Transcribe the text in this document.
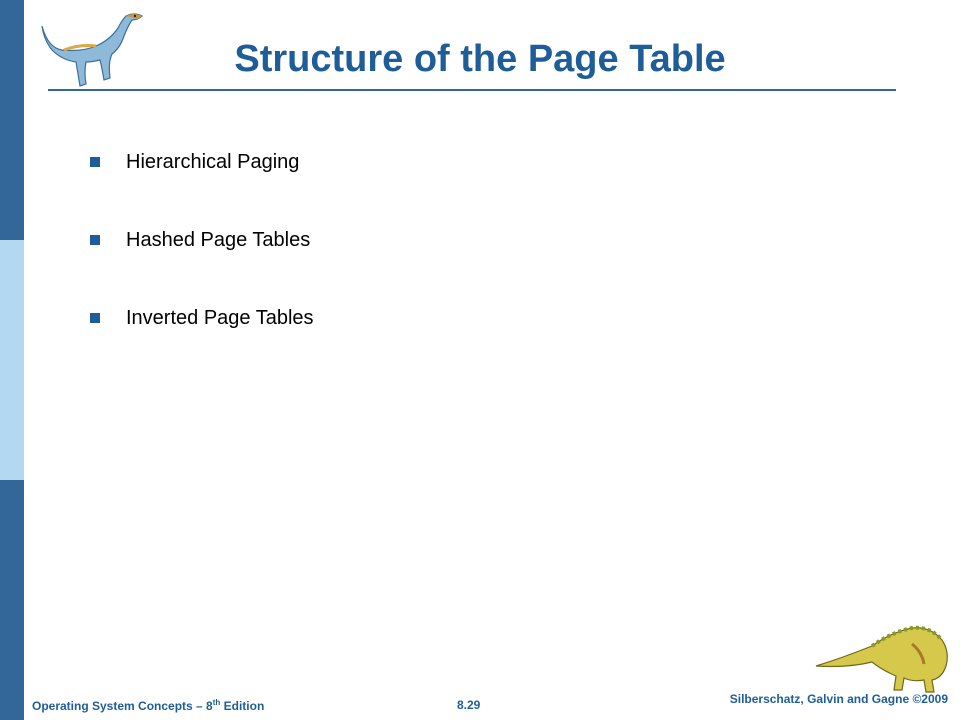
Structure of the Page Table
Hierarchical Paging
Hashed Page Tables
Inverted Page Tables
Operating System Concepts – 8th Edition	8.29	Silberschatz, Galvin and Gagne ©2009
